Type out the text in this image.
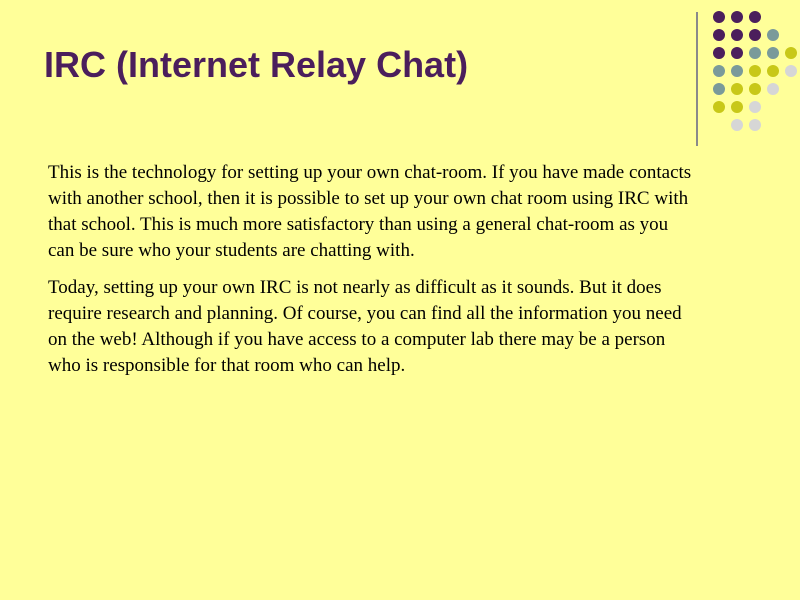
IRC (Internet Relay Chat)

This is the technology for setting up your own chat-room. If you have made contacts with another school, then it is possible to set up your own chat room using IRC with that school. This is much more satisfactory than using a general chat-room as you can be sure who your students are chatting with.

Today, setting up your own IRC is not nearly as difficult as it sounds. But it does require research and planning. Of course, you can find all the information you need on the web! Although if you have access to a computer lab there may be a person who is responsible for that room who can help.
